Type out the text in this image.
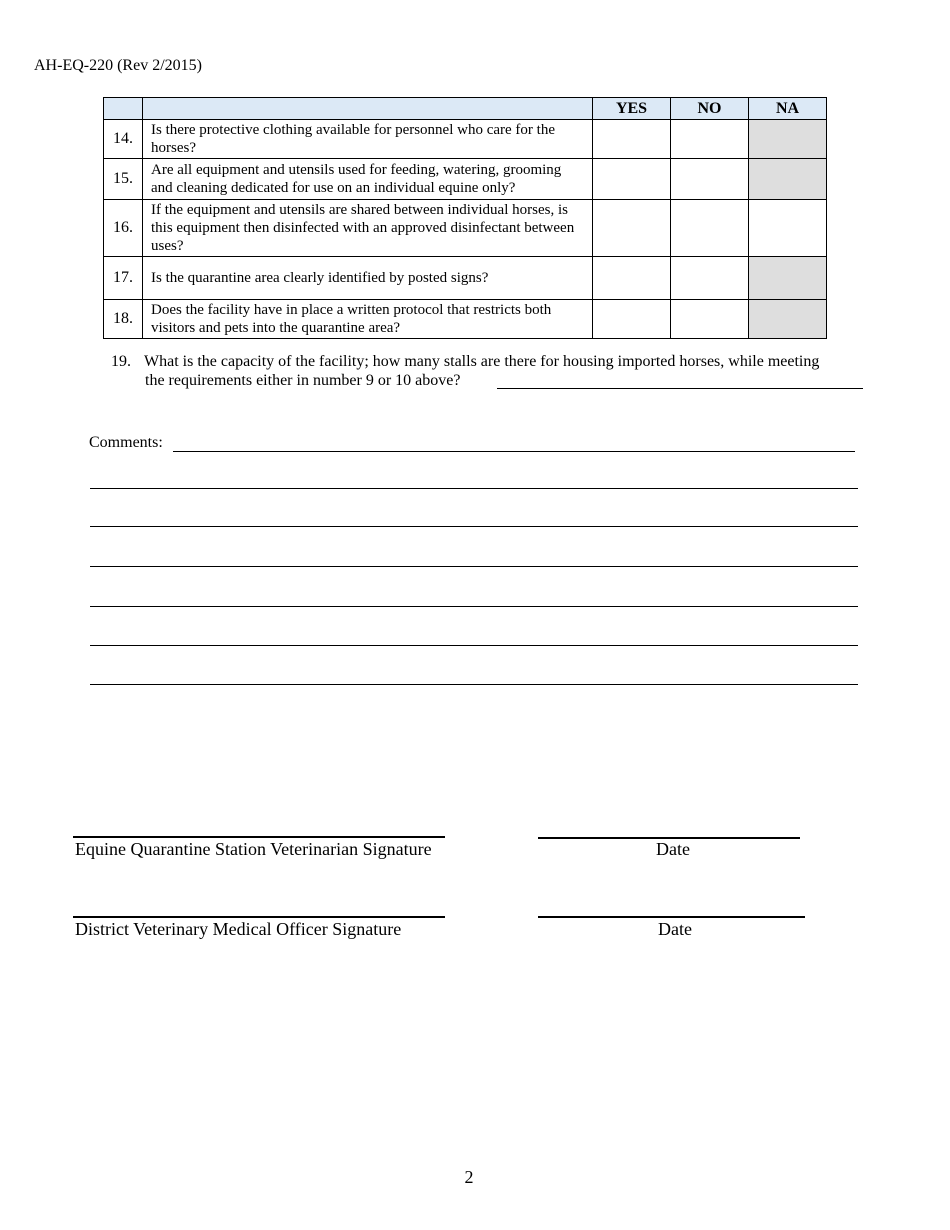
AH-EQ-220 (Rev 2/2015)
		YES	NO	NA
14.	Is there protective clothing available for personnel who care for the horses?			
15.	Are all equipment and utensils used for feeding, watering, grooming and cleaning dedicated for use on an individual equine only?			
16.	If the equipment and utensils are shared between individual horses, is this equipment then disinfected with an approved disinfectant between uses?			
17.	Is the quarantine area clearly identified by posted signs?			
18.	Does the facility have in place a written protocol that restricts both visitors and pets into the quarantine area?			
19. What is the capacity of the facility; how many stalls are there for housing imported horses, while meeting
the requirements either in number 9 or 10 above?
Comments:
Equine Quarantine Station Veterinarian Signature	Date
District Veterinary Medical Officer Signature	Date
2
